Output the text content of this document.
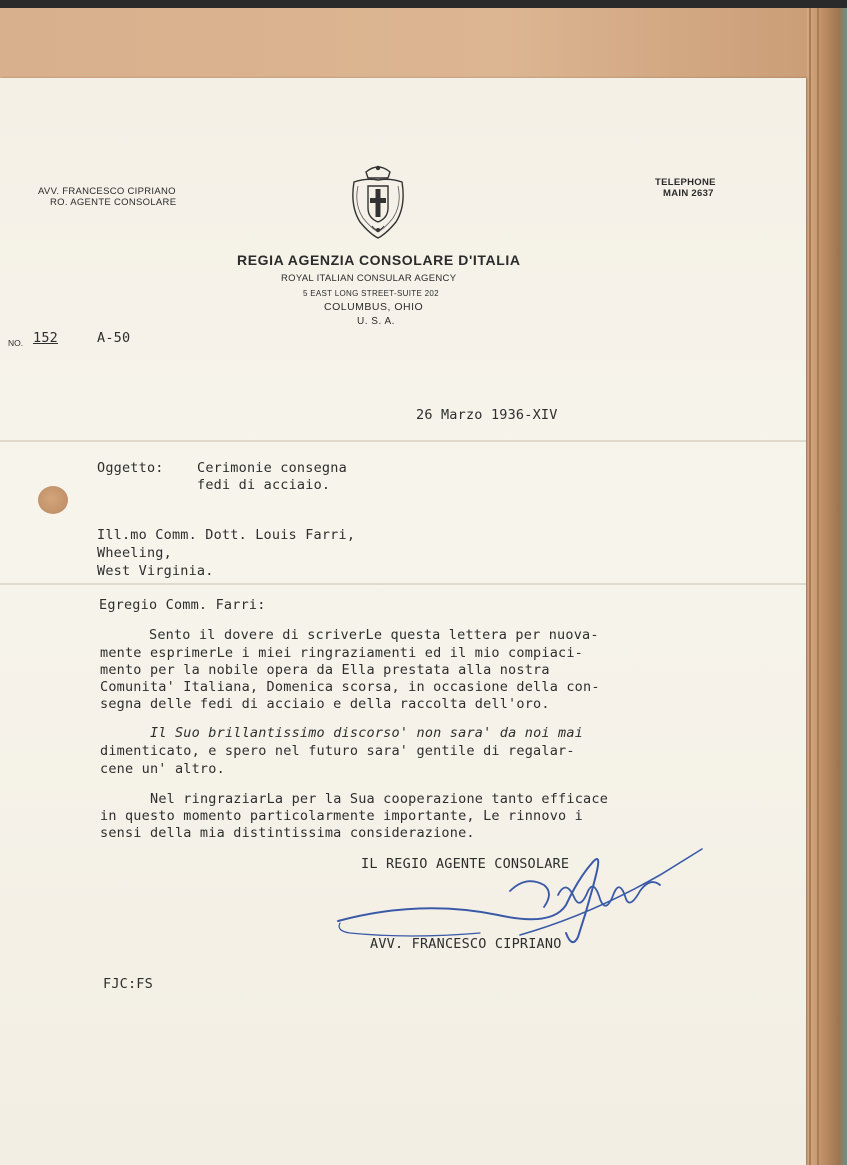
AVV. FRANCESCO CIPRIANO
RO. AGENTE CONSOLARE
TELEPHONE
MAIN 2637
REGIA AGENZIA CONSOLARE D'ITALIA
ROYAL ITALIAN CONSULAR AGENCY
5 EAST LONG STREET-SUITE 202
COLUMBUS, OHIO
U. S. A.
NO. 152	A-50
26 Marzo 1936-XIV
Oggetto: Cerimonie consegna
fedi di acciaio.
Ill.mo Comm. Dott. Louis Farri,
Wheeling,
West Virginia.
Egregio Comm. Farri:
Sento il dovere di scriverLe questa lettera per nuova-
mente esprimerLe i miei ringraziamenti ed il mio compiaci-
mento per la nobile opera da Ella prestata alla nostra
Comunita' Italiana, Domenica scorsa, in occasione della con-
segna delle fedi di acciaio e della raccolta dell'oro.
Il Suo brillantissimo discorso' non sara' da noi mai
dimenticato, e spero nel futuro sara' gentile di regalar-
cene un' altro.
Nel ringraziarLa per la Sua cooperazione tanto efficace
in questo momento particolarmente importante, Le rinnovo i
sensi della mia distintissima considerazione.
IL REGIO AGENTE CONSOLARE
AVV. FRANCESCO CIPRIANO
FJC:FS
